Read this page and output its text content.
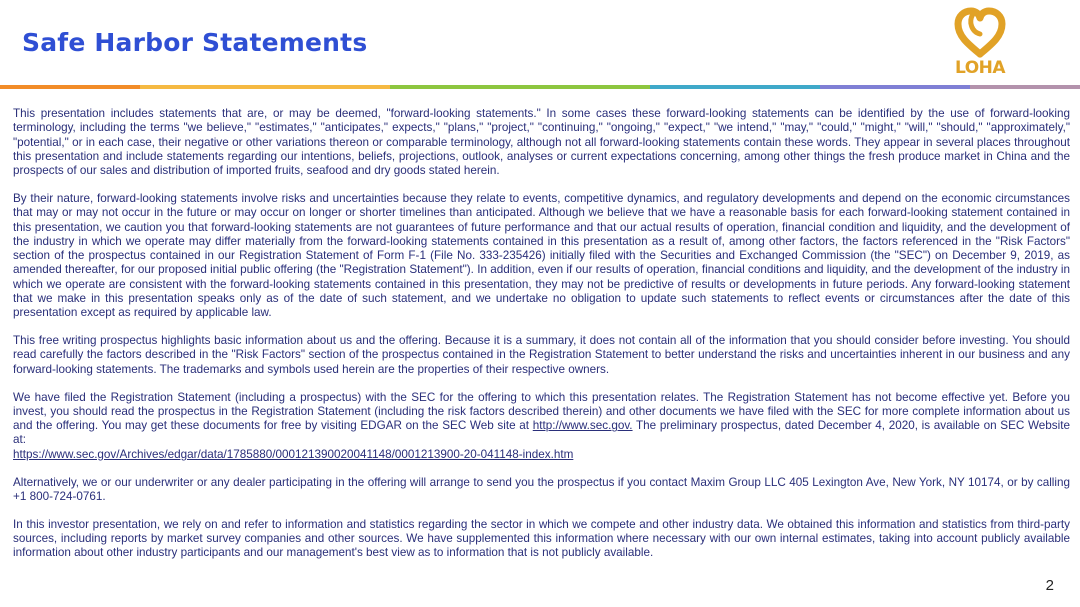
Safe Harbor Statements
LOHA

This presentation includes statements that are, or may be deemed, "forward-looking statements." In some cases these forward-looking statements can be identified by the use of forward-looking terminology, including the terms "we believe," "estimates," "anticipates," expects," "plans," "project," "continuing," "ongoing," "expect," "we intend," "may," "could," "might," "will," "should," "approximately," "potential," or in each case, their negative or other variations thereon or comparable terminology, although not all forward-looking statements contain these words. They appear in several places throughout this presentation and include statements regarding our intentions, beliefs, projections, outlook, analyses or current expectations concerning, among other things the fresh produce market in China and the prospects of our sales and distribution of imported fruits, seafood and dry goods stated herein.

By their nature, forward-looking statements involve risks and uncertainties because they relate to events, competitive dynamics, and regulatory developments and depend on the economic circumstances that may or may not occur in the future or may occur on longer or shorter timelines than anticipated. Although we believe that we have a reasonable basis for each forward-looking statement contained in this presentation, we caution you that forward-looking statements are not guarantees of future performance and that our actual results of operation, financial condition and liquidity, and the development of the industry in which we operate may differ materially from the forward-looking statements contained in this presentation as a result of, among other factors, the factors referenced in the "Risk Factors" section of the prospectus contained in our Registration Statement of Form F-1 (File No. 333-235426) initially filed with the Securities and Exchanged Commission (the "SEC") on December 9, 2019, as amended thereafter, for our proposed initial public offering (the "Registration Statement"). In addition, even if our results of operation, financial conditions and liquidity, and the development of the industry in which we operate are consistent with the forward-looking statements contained in this presentation, they may not be predictive of results or developments in future periods. Any forward-looking statement that we make in this presentation speaks only as of the date of such statement, and we undertake no obligation to update such statements to reflect events or circumstances after the date of this presentation except as required by applicable law.

This free writing prospectus highlights basic information about us and the offering. Because it is a summary, it does not contain all of the information that you should consider before investing. You should read carefully the factors described in the "Risk Factors" section of the prospectus contained in the Registration Statement to better understand the risks and uncertainties inherent in our business and any forward-looking statements. The trademarks and symbols used herein are the properties of their respective owners.

We have filed the Registration Statement (including a prospectus) with the SEC for the offering to which this presentation relates. The Registration Statement has not become effective yet. Before you invest, you should read the prospectus in the Registration Statement (including the risk factors described therein) and other documents we have filed with the SEC for more complete information about us and the offering. You may get these documents for free by visiting EDGAR on the SEC Web site at http://www.sec.gov. The preliminary prospectus, dated December 4, 2020, is available on SEC Website at:
https://www.sec.gov/Archives/edgar/data/1785880/000121390020041148/0001213900-20-041148-index.htm

Alternatively, we or our underwriter or any dealer participating in the offering will arrange to send you the prospectus if you contact Maxim Group LLC 405 Lexington Ave, New York, NY 10174, or by calling +1 800-724-0761.

In this investor presentation, we rely on and refer to information and statistics regarding the sector in which we compete and other industry data. We obtained this information and statistics from third-party sources, including reports by market survey companies and other sources. We have supplemented this information where necessary with our own internal estimates, taking into account publicly available information about other industry participants and our management's best view as to information that is not publicly available.

2
